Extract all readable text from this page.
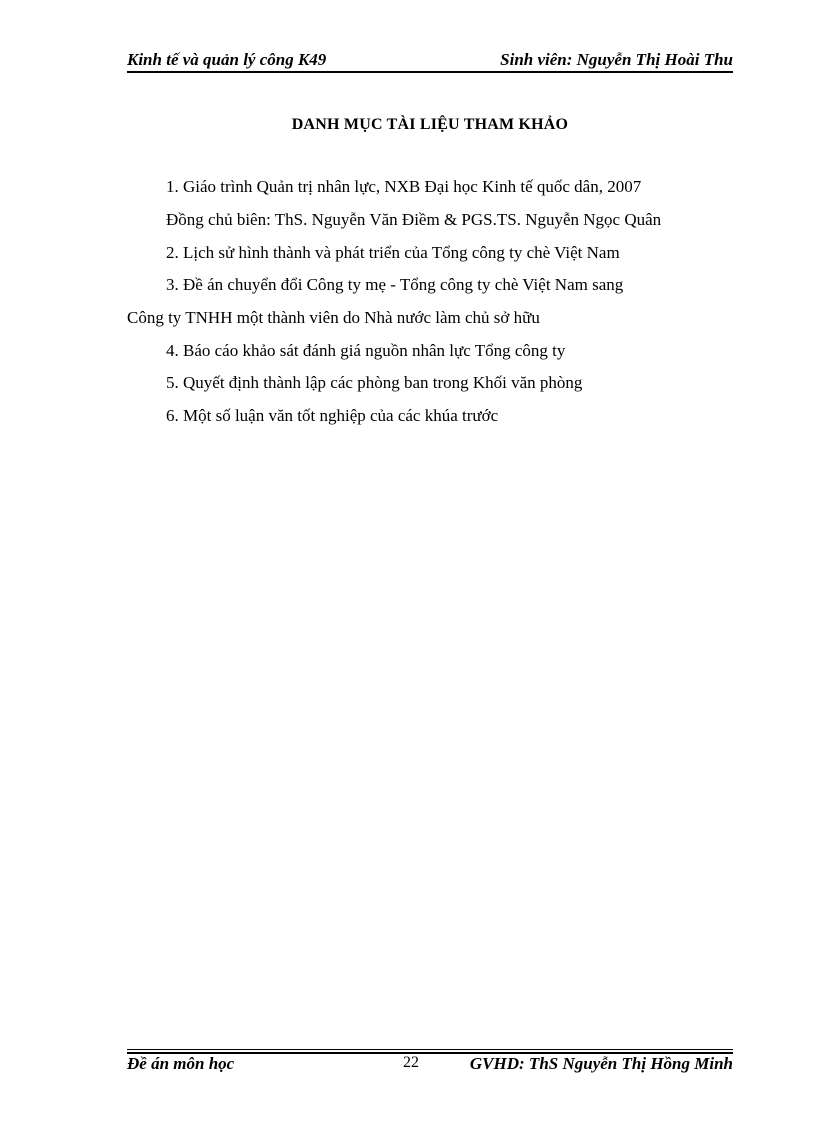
Kinh tế và quản lý công K49	Sinh viên: Nguyễn Thị Hoài Thu
DANH MỤC TÀI LIỆU THAM KHẢO
1. Giáo trình Quản trị nhân lực, NXB Đại học Kinh tế quốc dân, 2007
Đồng chủ biên: ThS. Nguyễn Văn Điềm & PGS.TS. Nguyễn Ngọc Quân
2. Lịch sử hình thành và phát triển của Tổng công ty chè Việt Nam
3. Đề án chuyển đổi Công ty mẹ - Tổng công ty chè Việt Nam sang
Công ty TNHH một thành viên do Nhà nước làm chủ sở hữu
4. Báo cáo khảo sát đánh giá nguồn nhân lực Tổng công ty
5. Quyết định thành lập các phòng ban trong Khối văn phòng
6. Một số luận văn tốt nghiệp của các khúa trước
Đề án môn học	22	GVHD: ThS Nguyễn Thị Hồng Minh
